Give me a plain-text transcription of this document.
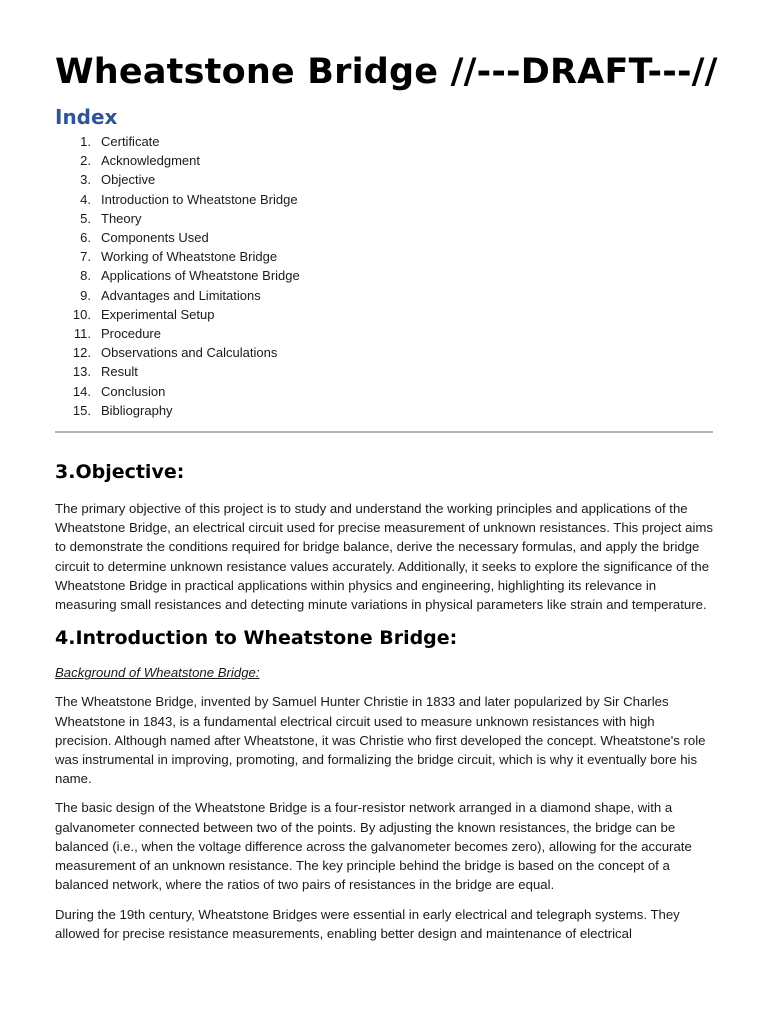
Wheatstone Bridge //---DRAFT---//
Index
1. Certificate
2. Acknowledgment
3. Objective
4. Introduction to Wheatstone Bridge
5. Theory
6. Components Used
7. Working of Wheatstone Bridge
8. Applications of Wheatstone Bridge
9. Advantages and Limitations
10. Experimental Setup
11. Procedure
12. Observations and Calculations
13. Result
14. Conclusion
15. Bibliography
3.Objective:

The primary objective of this project is to study and understand the working principles and applications of the Wheatstone Bridge, an electrical circuit used for precise measurement of unknown resistances. This project aims to demonstrate the conditions required for bridge balance, derive the necessary formulas, and apply the bridge circuit to determine unknown resistance values accurately. Additionally, it seeks to explore the significance of the Wheatstone Bridge in practical applications within physics and engineering, highlighting its relevance in measuring small resistances and detecting minute variations in physical parameters like strain and temperature.

4.Introduction to Wheatstone Bridge:

Background of Wheatstone Bridge:

The Wheatstone Bridge, invented by Samuel Hunter Christie in 1833 and later popularized by Sir Charles Wheatstone in 1843, is a fundamental electrical circuit used to measure unknown resistances with high precision. Although named after Wheatstone, it was Christie who first developed the concept. Wheatstone's role was instrumental in improving, promoting, and formalizing the bridge circuit, which is why it eventually bore his name.

The basic design of the Wheatstone Bridge is a four-resistor network arranged in a diamond shape, with a galvanometer connected between two of the points. By adjusting the known resistances, the bridge can be balanced (i.e., when the voltage difference across the galvanometer becomes zero), allowing for the accurate measurement of an unknown resistance. The key principle behind the bridge is based on the concept of a balanced network, where the ratios of two pairs of resistances in the bridge are equal.

During the 19th century, Wheatstone Bridges were essential in early electrical and telegraph systems. They allowed for precise resistance measurements, enabling better design and maintenance of electrical
